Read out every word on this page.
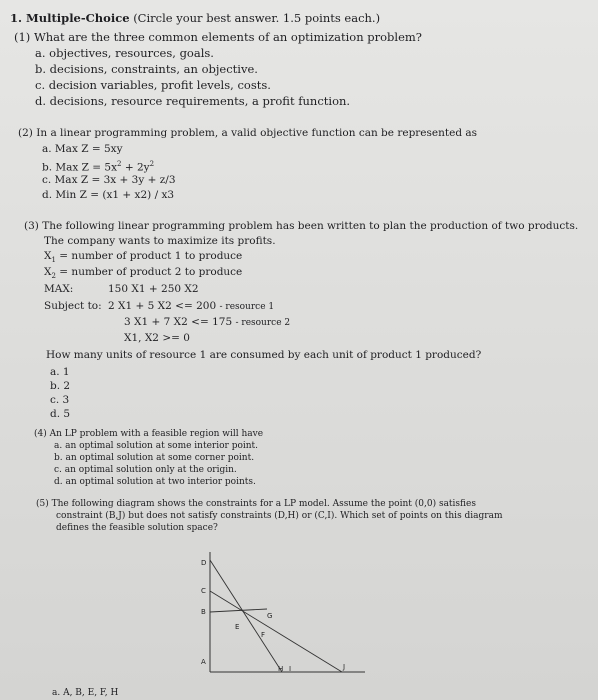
1. Multiple-Choice (Circle your best answer. 1.5 points each.)
(1) What are the three common elements of an optimization problem?
a. objectives, resources, goals.
b. decisions, constraints, an objective.
c. decision variables, profit levels, costs.
d. decisions, resource requirements, a profit function.
(2) In a linear programming problem, a valid objective function can be represented as
a. Max Z = 5xy
b. Max $Z = 5x^2 + 2y^2$
c. Max Z = 3x + 3y + z/3
d. Min Z = (x1 + x2) / x3
(3) The following linear programming problem has been written to plan the production of two products.
The company wants to maximize its profits.
$X_1$ = number of product 1 to produce
$X_2$ = number of product 2 to produce
MAX:	150 X1 + 250 X2
Subject to: 2 X1 + 5 X2 <= 200 - resource 1
3 X1 + 7 X2 <= 175 - resource 2
X1, X2 >= 0
How many units of resource 1 are consumed by each unit of product 1 produced?
a. 1
b. 2
c. 3
d. 5
(4) An LP problem with a feasible region will have
a. an optimal solution at some interior point.
b. an optimal solution at some corner point.
c. an optimal solution only at the origin.
d. an optimal solution at two interior points.
(5) The following diagram shows the constraints for a LP model. Assume the point (0,0) satisfies
constraint (B,J) but does not satisfy constraints (D,H) or (C,I). Which set of points on this diagram
defines the feasible solution space?
D
C
B
A
E
F
G
H I	J
a. A, B, E, F, H
